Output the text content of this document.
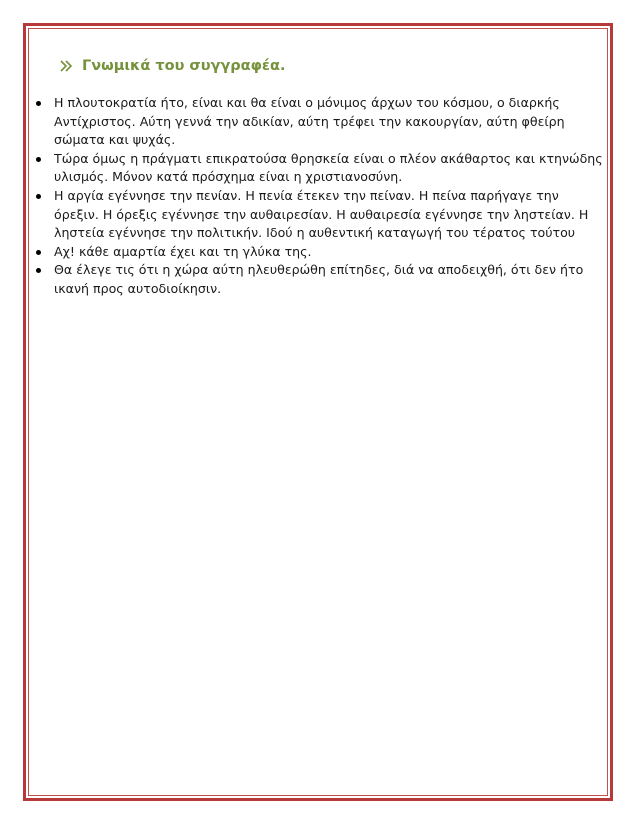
Γνωμικά του συγγραφέα.
Η πλουτοκρατία ήτο, είναι και θα είναι ο μόνιμος άρχων του κόσμου, ο διαρκής Αντίχριστος. Αύτη γεννά την αδικίαν, αύτη τρέφει την κακουργίαν, αύτη φθείρη σώματα και ψυχάς.
Τώρα όμως η πράγματι επικρατούσα θρησκεία είναι ο πλέον ακάθαρτος και κτηνώδης υλισμός. Μόνον κατά πρόσχημα είναι η χριστιανοσύνη.
Η αργία εγέννησε την πενίαν. Η πενία έτεκεν την πείναν. Η πείνα παρήγαγε την όρεξιν. Η όρεξις εγέννησε την αυθαιρεσίαν. Η αυθαιρεσία εγέννησε την ληστείαν. Η ληστεία εγέννησε την πολιτικήν. Ιδού η αυθεντική καταγωγή του τέρατος τούτου
Αχ! κάθε αμαρτία έχει και τη γλύκα της.
Θα έλεγε τις ότι η χώρα αύτη ηλευθερώθη επίτηδες, διά να αποδειχθή, ότι δεν ήτο ικανή προς αυτοδιοίκησιν.
